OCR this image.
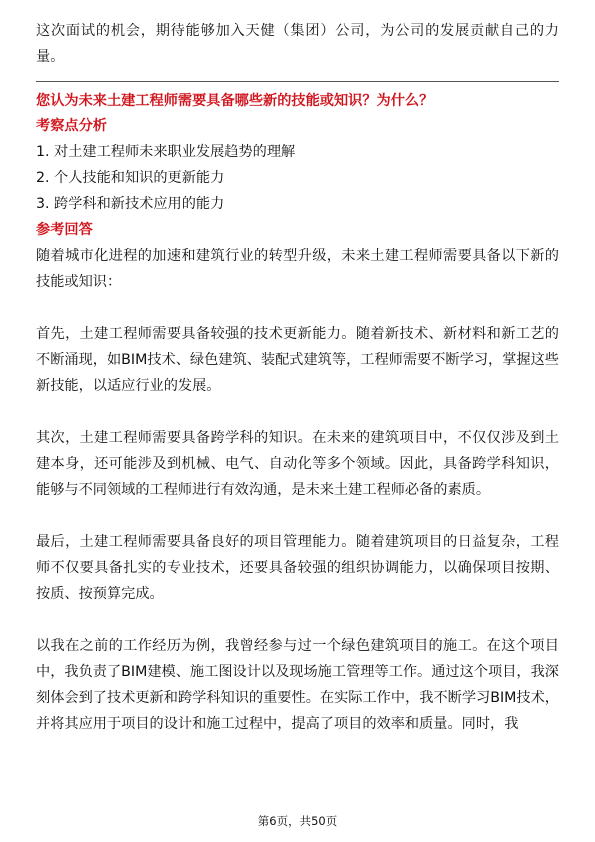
这次面试的机会，期待能够加入天健（集团）公司，为公司的发展贡献自己的力量。

您认为未来土建工程师需要具备哪些新的技能或知识？为什么？
考察点分析
1. 对土建工程师未来职业发展趋势的理解
2. 个人技能和知识的更新能力
3. 跨学科和新技术应用的能力
参考回答

随着城市化进程的加速和建筑行业的转型升级，未来土建工程师需要具备以下新的技能或知识：

首先，土建工程师需要具备较强的技术更新能力。随着新技术、新材料和新工艺的不断涌现，如BIM技术、绿色建筑、装配式建筑等，工程师需要不断学习，掌握这些新技能，以适应行业的发展。

其次，土建工程师需要具备跨学科的知识。在未来的建筑项目中，不仅仅涉及到土建本身，还可能涉及到机械、电气、自动化等多个领域。因此，具备跨学科知识，能够与不同领域的工程师进行有效沟通，是未来土建工程师必备的素质。

最后，土建工程师需要具备良好的项目管理能力。随着建筑项目的日益复杂，工程师不仅要具备扎实的专业技术，还要具备较强的组织协调能力，以确保项目按期、按质、按预算完成。

以我在之前的工作经历为例，我曾经参与过一个绿色建筑项目的施工。在这个项目中，我负责了BIM建模、施工图设计以及现场施工管理等工作。通过这个项目，我深刻体会到了技术更新和跨学科知识的重要性。在实际工作中，我不断学习BIM技术，并将其应用于项目的设计和施工过程中，提高了项目的效率和质量。同时，我

第6页，共50页
